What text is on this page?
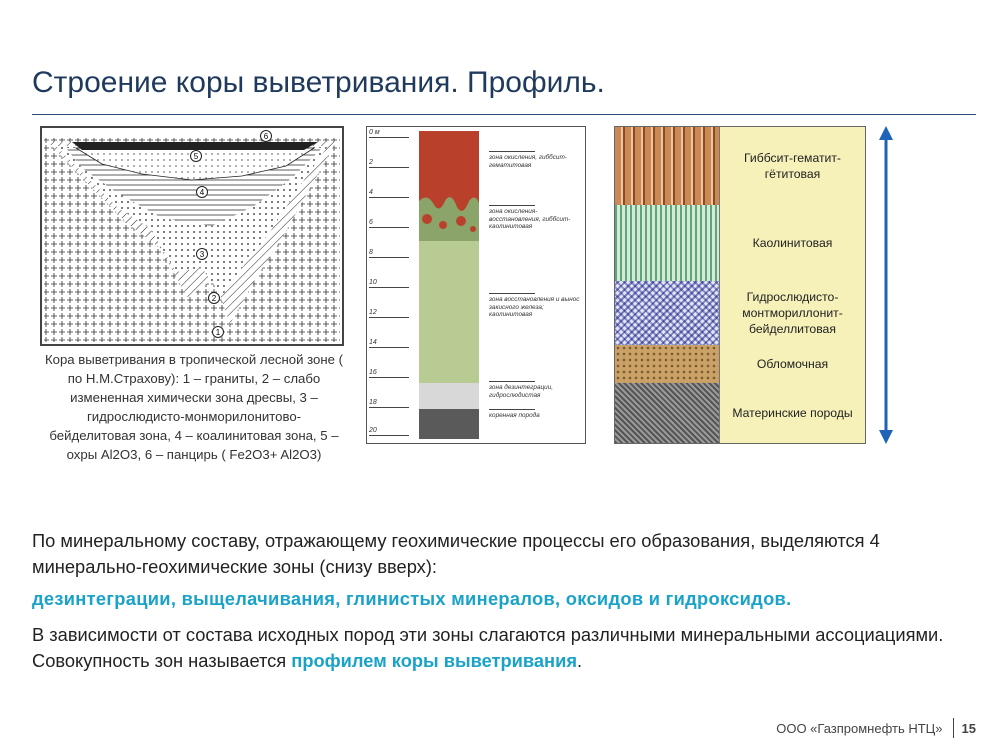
Строение коры выветривания. Профиль.
6
5
4
3
2
1
Кора выветривания в тропической лесной зоне ( по Н.М.Страхову): 1 – граниты, 2 – слабо измененная химически зона дресвы, 3 – гидрослюдисто-монморилонитово-бейделитовая зона, 4 – коалинитовая зона, 5 – охры Al2O3, 6 – панцирь ( Fe2O3+ Al2O3)
0 м
2
4
6
8
10
12
14
16
18
20
зона окисления, гиббсит-гематитовая
зона окисления-восстановления, гиббсит-каолинитовая
зона восстановления и вынос закисного железа; каолинитовая
зона дезинтеграции, гидрослюдистая
коренная порода
Гиббсит-гематит-гётитовая
Каолинитовая
Гидрослюдисто-монтмориллонит-бейделлитовая
Обломочная
Материнские породы

По минеральному составу, отражающему геохимические процессы его образования, выделяются 4 минерально-геохимические зоны (снизу вверх):

дезинтеграции, выщелачивания, глинистых минералов, оксидов и гидроксидов.

В зависимости от состава исходных пород эти зоны слагаются различными минеральными ассоциациями. Совокупность зон называется профилем коры выветривания.

ООО «Газпромнефть НТЦ» 15
